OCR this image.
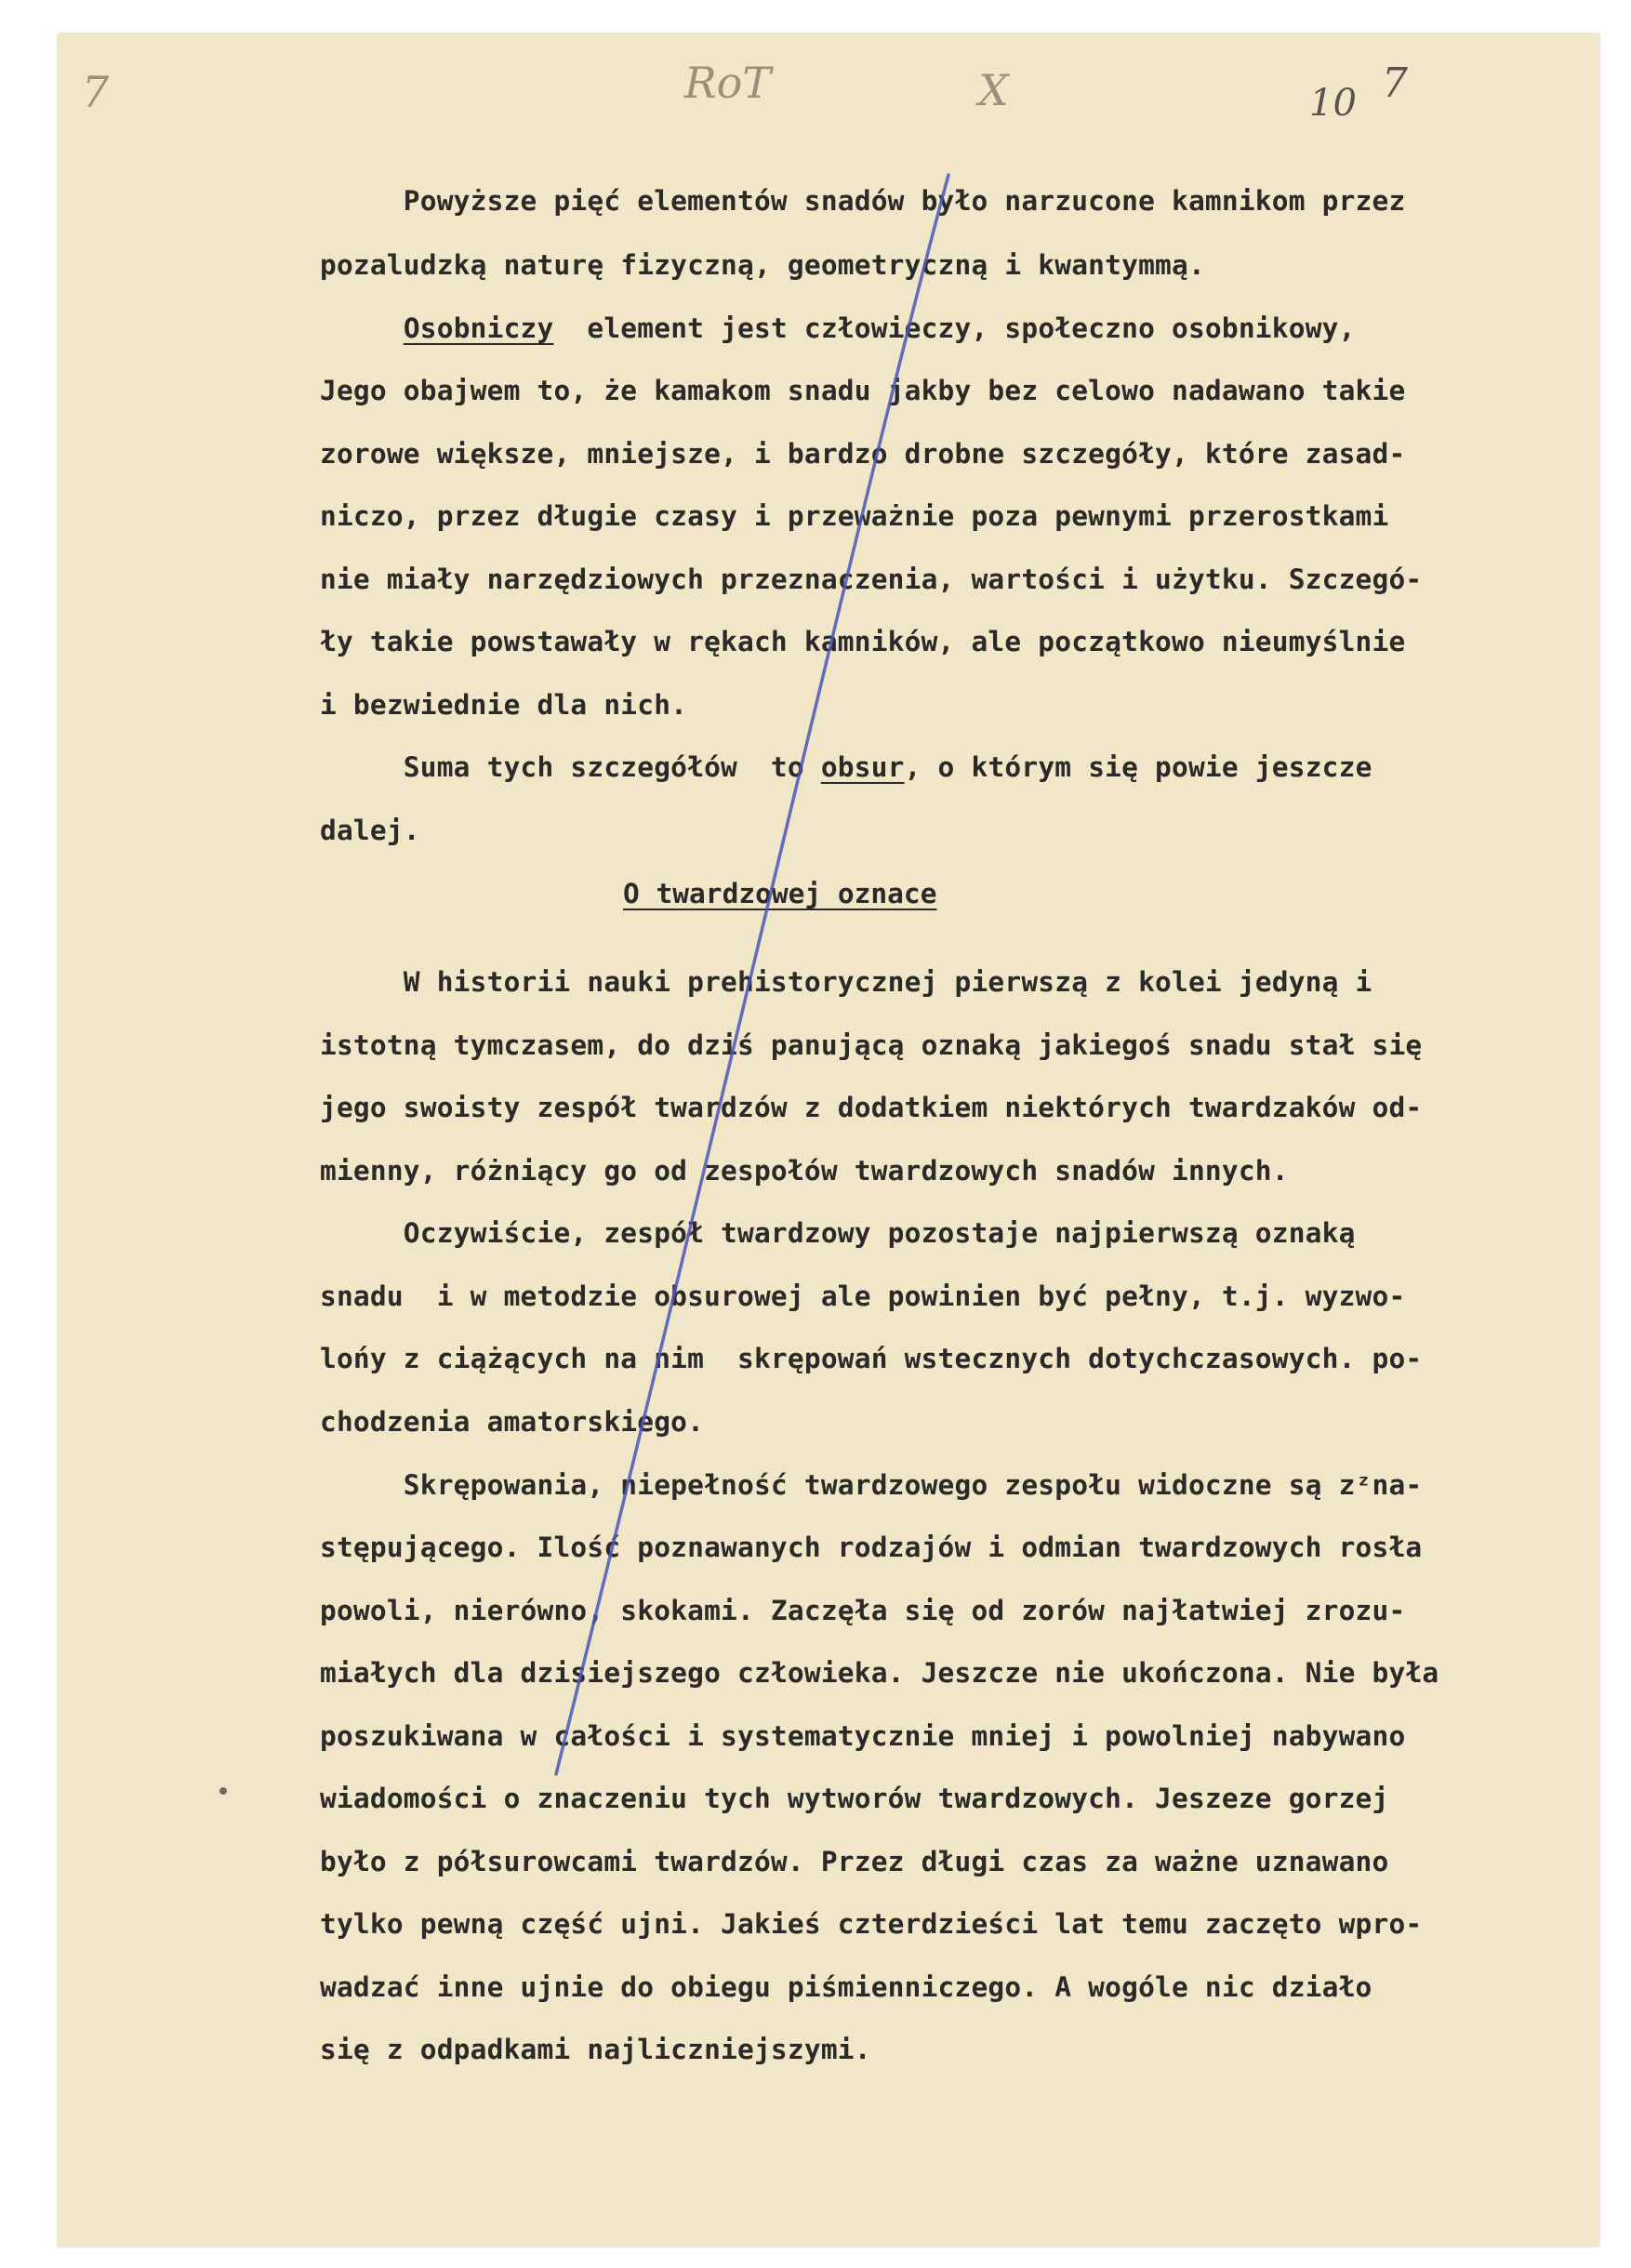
7	RoT	X	10 7
Powyższe pięć elementów snadów było narzucone kamnikom przez
pozaludzką naturę fizyczną, geometryczną i kwantymmą.
Osobniczy  element jest człowieczy, społeczno osobnikowy,
Jego obajwem to, że kamakom snadu jakby bez celowo nadawano takie
zorowe większe, mniejsze, i bardzo drobne szczegóły, które zasad-
niczo, przez długie czasy i przeważnie poza pewnymi przerostkami
nie miały narzędziowych przeznaczenia, wartości i użytku. Szczegó-
ły takie powstawały w rękach kamników, ale początkowo nieumyślnie
i bezwiednie dla nich.
Suma tych szczegółów  to obsur, o którym się powie jeszcze
dalej.
O twardzowej oznace
W historii nauki prehistorycznej pierwszą z kolei jedyną i
istotną tymczasem, do dziś panującą oznaką jakiegoś snadu stał się
jego swoisty zespół twardzów z dodatkiem niektórych twardzaków od-
mienny, różniący go od zespołów twardzowych snadów innych.
Oczywiście, zespół twardzowy pozostaje najpierwszą oznaką
snadu  i w metodzie obsurowej ale powinien być pełny, t.j. wyzwo-
lońy z ciążących na nim  skrępowań wstecznych dotychczasowych. po-
chodzenia amatorskiego.
Skrępowania, niepełność twardzowego zespołu widoczne są zᶻna-
stępującego. Ilość poznawanych rodzajów i odmian twardzowych rosła
powoli, nierówno, skokami. Zaczęła się od zorów najłatwiej zrozu-
miałych dla dzisiejszego człowieka. Jeszcze nie ukończona. Nie była
poszukiwana w całości i systematycznie mniej i powolniej nabywano
wiadomości o znaczeniu tych wytworów twardzowych. Jeszeze gorzej
było z półsurowcami twardzów. Przez długi czas za ważne uznawano
tylko pewną część ujni. Jakieś czterdzieści lat temu zaczęto wpro-
wadzać inne ujnie do obiegu piśmienniczego. A wogóle nic działo
się z odpadkami najliczniejszymi.
